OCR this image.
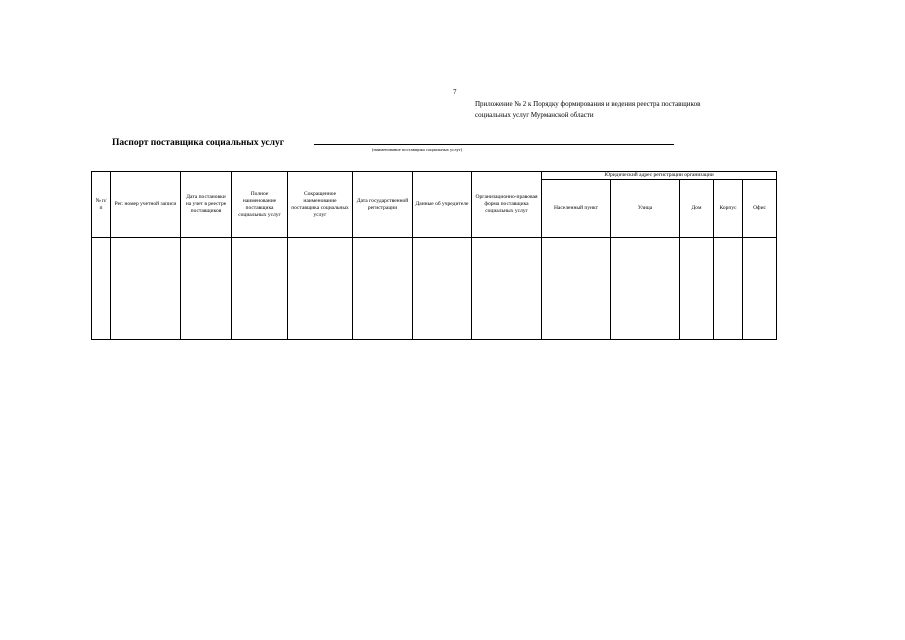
7
Приложение № 2 к Порядку формирования и ведения реестра поставщиков
социальных услуг Мурманской области
Паспорт поставщика социальных услуг
(наименование поставщика социальных услуг)
№ п/п	Рег. номер учетной записи	Дата постановки на учет в реестре поставщиков	Полное наименование поставщика социальных услуг	Сокращенное наименование поставщика социальных услуг	Дата государственной регистрации	Данные об учредителе	Организационно-правовая форма поставщика социальных услуг	Юридический адрес регистрации организации				
								Населенный пункт	Улица	Дом	Корпус	Офис
